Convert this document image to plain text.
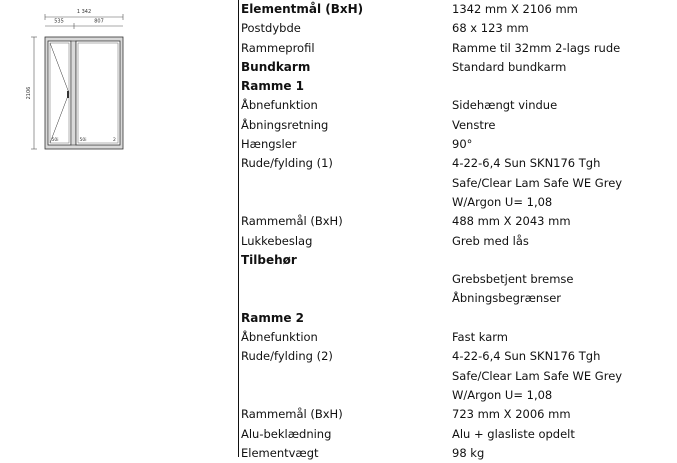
1 342
535	807
2106
50i	50i	2
Elementmål (BxH)	1342 mm X 2106 mm
Postdybde	68 x 123 mm
Rammeprofil	Ramme til 32mm 2-lags rude
Bundkarm	Standard bundkarm
Ramme 1
Åbnefunktion	Sidehængt vindue
Åbningsretning	Venstre
Hængsler	90°
Rude/fylding (1)	4-22-6,4 Sun SKN176 Tgh
Safe/Clear Lam Safe WE Grey
W/Argon U= 1,08
Rammemål (BxH)	488 mm X 2043 mm
Lukkebeslag	Greb med lås
Tilbehør
Grebsbetjent bremse
Åbningsbegrænser
Ramme 2
Åbnefunktion	Fast karm
Rude/fylding (2)	4-22-6,4 Sun SKN176 Tgh
Safe/Clear Lam Safe WE Grey
W/Argon U= 1,08
Rammemål (BxH)	723 mm X 2006 mm
Alu-beklædning	Alu + glasliste opdelt
Elementvægt	98 kg
